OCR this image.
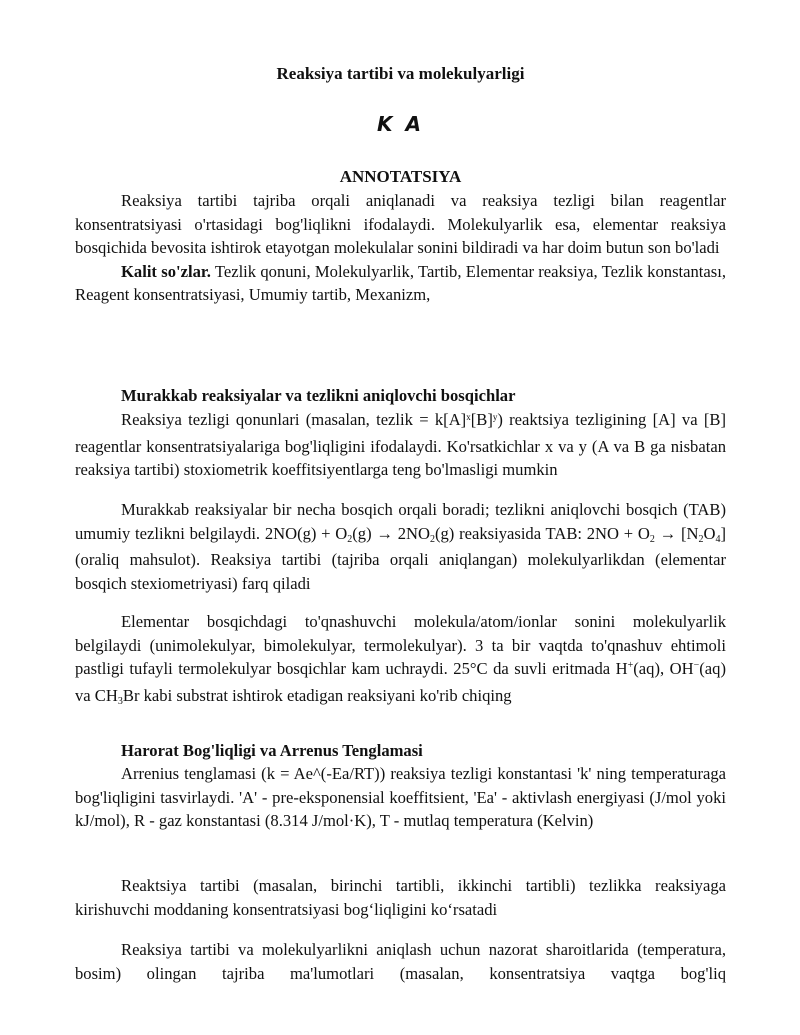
Reaksiya tartibi va molekulyarligi
K A
ANNOTATSIYA

Reaksiya tartibi tajriba orqali aniqlanadi va reaksiya tezligi bilan reagentlar konsentratsiyasi o'rtasidagi bog'liqlikni ifodalaydi. Molekulyarlik esa, elementar reaksiya bosqichida bevosita ishtirok etayotgan molekulalar sonini bildiradi va har doim butun son bo'ladi

Kalit so'zlar. Tezlik qonuni, Molekulyarlik, Tartib, Elementar reaksiya, Tezlik konstantası, Reagent konsentratsiyasi, Umumiy tartib, Mexanizm,

Murakkab reaksiyalar va tezlikni aniqlovchi bosqichlar

Reaksiya tezligi qonunlari (masalan, tezlik = $k[A]^x[B]^y$) reaktsiya tezligining [A] va [B] reagentlar konsentratsiyalariga bog'liqligini ifodalaydi. Ko'rsatkichlar x va y (A va B ga nisbatan reaksiya tartibi) stoxiometrik koeffitsiyentlarga teng bo'lmasligi mumkin

Murakkab reaksiyalar bir necha bosqich orqali boradi; tezlikni aniqlovchi bosqich (TAB) umumiy tezlikni belgilaydi. $2NO(g) + O_2(g) \to 2NO_2(g)$ reaksiyasida TAB: $2NO + O_2 \to [N_2O_4]$ (oraliq mahsulot). Reaksiya tartibi (tajriba orqali aniqlangan) molekulyarlikdan (elementar bosqich stexiometriyasi) farq qiladi

Elementar bosqichdagi to'qnashuvchi molekula/atom/ionlar sonini molekulyarlik belgilaydi (unimolekulyar, bimolekulyar, termolekulyar). 3 ta bir vaqtda to'qnashuv ehtimoli pastligi tufayli termolekulyar bosqichlar kam uchraydi. 25°C da suvli eritmada H+(aq), OH−(aq) va $CH_3Br$ kabi substrat ishtirok etadigan reaksiyani ko'rib chiqing

Harorat Bog'liqligi va Arrenus Tenglamasi

Arrenius tenglamasi (k = Ae^(-Ea/RT)) reaksiya tezligi konstantasi 'k' ning temperaturaga bog'liqligini tasvirlaydi. 'A' - pre-eksponensial koeffitsient, 'Ea' - aktivlash energiyasi (J/mol yoki kJ/mol), R - gaz konstantasi (8.314 J/mol·K), T - mutlaq temperatura (Kelvin)

Reaktsiya tartibi (masalan, birinchi tartibli, ikkinchi tartibli) tezlikka reaksiyaga kirishuvchi moddaning konsentratsiyasi bog‘liqligini ko‘rsatadi

Reaksiya tartibi va molekulyarlikni aniqlash uchun nazorat sharoitlarida (temperatura, bosim) olingan tajriba ma'lumotlari (masalan, konsentratsiya vaqtga bog'liq
